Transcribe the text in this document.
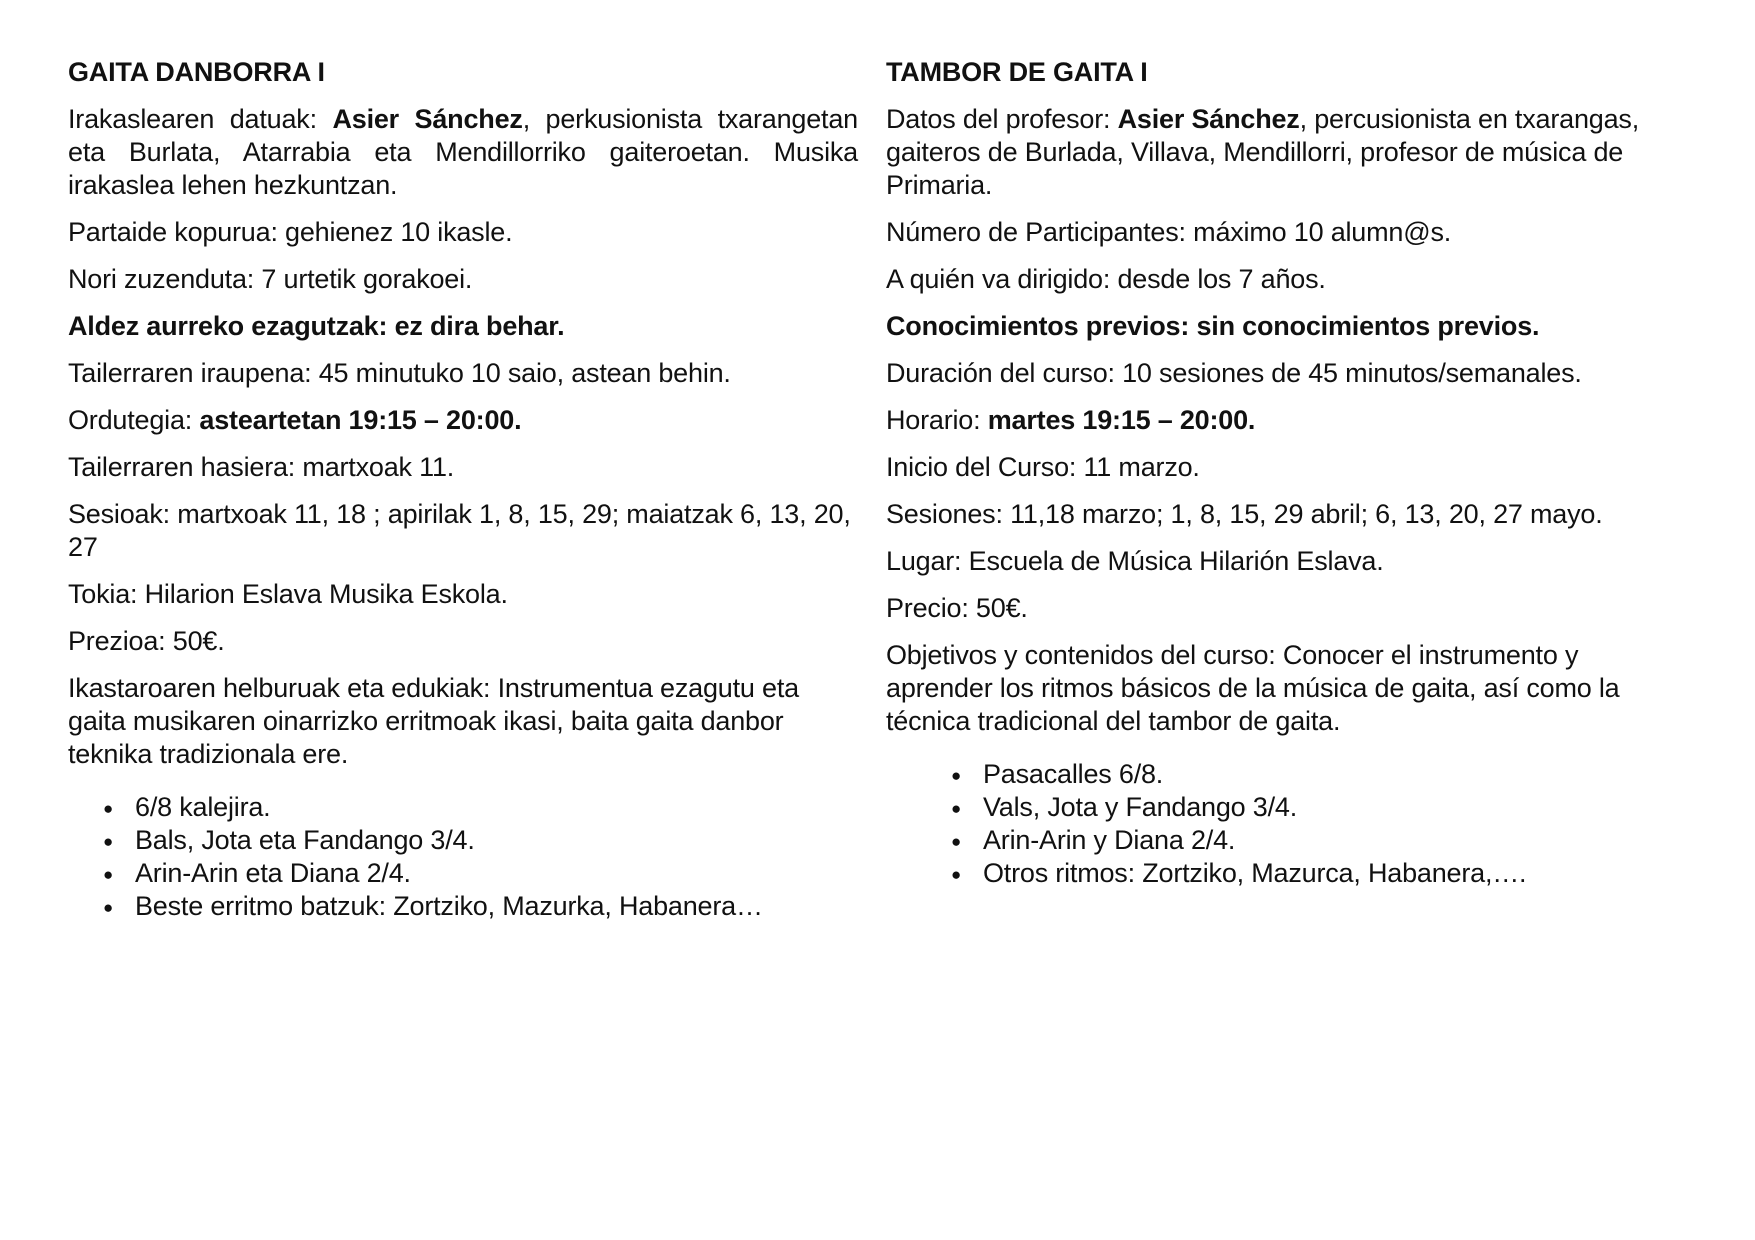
GAITA DANBORRA I

Irakaslearen datuak: Asier Sánchez, perkusionista txarangetan eta Burlata, Atarrabia eta Mendillorriko gaiteroetan. Musika irakaslea lehen hezkuntzan.

Partaide kopurua: gehienez 10 ikasle.

Nori zuzenduta: 7 urtetik gorakoei.

Aldez aurreko ezagutzak: ez dira behar.

Tailerraren iraupena: 45 minutuko 10 saio, astean behin.

Ordutegia: asteartetan 19:15 – 20:00.

Tailerraren hasiera: martxoak 11.

Sesioak: martxoak 11, 18 ; apirilak 1, 8, 15, 29; maiatzak 6, 13, 20, 27

Tokia: Hilarion Eslava Musika Eskola.

Prezioa: 50€.

Ikastaroaren helburuak eta edukiak: Instrumentua ezagutu eta  gaita musikaren oinarrizko erritmoak ikasi, baita gaita danbor teknika tradizionala ere.

● 6/8 kalejira.
● Bals, Jota eta Fandango 3/4.
● Arin-Arin eta Diana 2/4.
● Beste erritmo batzuk: Zortziko, Mazurka, Habanera…

TAMBOR DE GAITA I

Datos del profesor: Asier Sánchez, percusionista en txarangas, gaiteros de Burlada, Villava, Mendillorri, profesor de música de Primaria.

Número de Participantes: máximo 10 alumn@s.

A quién va dirigido: desde los 7 años.

Conocimientos previos: sin conocimientos previos.

Duración del curso: 10 sesiones de 45 minutos/semanales.

Horario: martes 19:15 – 20:00.

Inicio del Curso: 11 marzo.

Sesiones: 11,18 marzo; 1, 8, 15, 29 abril; 6, 13, 20, 27 mayo.

Lugar: Escuela de Música Hilarión Eslava.

Precio: 50€.

Objetivos y contenidos del curso: Conocer el instrumento y aprender los ritmos básicos de la música de gaita, así como la técnica tradicional del tambor de gaita.

● Pasacalles 6/8.
● Vals, Jota y Fandango 3/4.
● Arin-Arin y Diana 2/4.
● Otros ritmos: Zortziko, Mazurca, Habanera,….
